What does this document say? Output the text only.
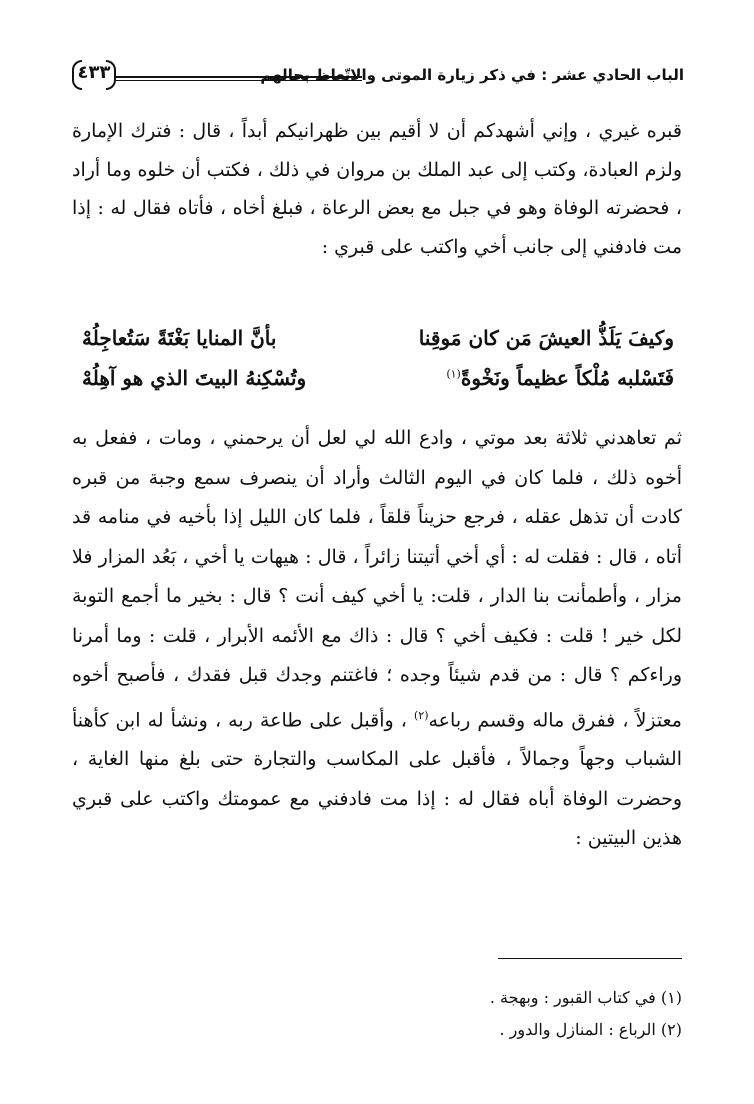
الباب الحادي عشر : في ذكر زيارة الموتى والاتّعاظ بحالهم
٤٣٣
قبره غيري ، وإني أشهدكم أن لا أقيم بين ظهرانيكم أبداً ، قال : فترك الإمارة ولزم العبادة، وكتب إلى عبد الملك بن مروان في ذلك ، فكتب أن خلوه وما أراد ، فحضرته الوفاة وهو في جبل مع بعض الرعاة ، فبلغ أخاه ، فأتاه فقال له : إذا مت فادفني إلى جانب أخي واكتب على قبري :
وكيفَ يَلَذُّ العيشَ مَن كان مَوقِنا
بأنَّ المنايا بَغْتَةً سَتُعاجِلُهْ
فَتَسْلبه مُلْكاً عظيماً ونَخْوةً$^{(١)}$
وتُسْكِنهُ البيتَ الذي هو آهِلُهْ
ثم تعاهدني ثلاثة بعد موتي ، وادع الله لي لعل أن يرحمني ، ومات ، ففعل به أخوه ذلك ، فلما كان في اليوم الثالث وأراد أن ينصرف سمع وجبة من قبره كادت أن تذهل عقله ، فرجع حزيناً قلقاً ، فلما كان الليل إذا بأخيه في منامه قد أتاه ، قال : فقلت له : أي أخي أتيتنا زائراً ، قال : هيهات يا أخي ، بَعُد المزار فلا مزار ، وأطمأنت بنا الدار ، قلت: يا أخي كيف أنت ؟ قال : بخير ما أجمع التوبة لكل خير ! قلت : فكيف أخي ؟ قال : ذاك مع الأئمه الأبرار ، قلت : وما أمرنا وراءكم ؟ قال : من قدم شيئاً وجده ؛ فاغتنم وجدك قبل فقدك ، فأصبح أخوه معتزلاً ، ففرق ماله وقسم رباعه$^{(٢)}$ ، وأقبل على طاعة ربه ، ونشأ له ابن كأهنأ الشباب وجهاً وجمالاً ، فأقبل على المكاسب والتجارة حتى بلغ منها الغاية ، وحضرت الوفاة أباه فقال له : إذا مت فادفني مع عمومتك واكتب على قبري هذين البيتين :
(١) في كتاب القبور : وبهجة .
(٢) الرباع : المنازل والدور .
